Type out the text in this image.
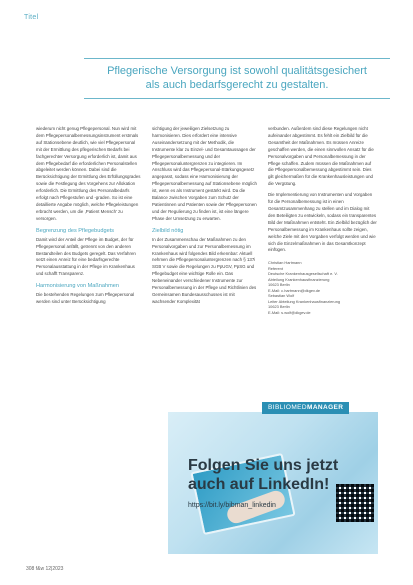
Titel
Pflegerische Versorgung ist sowohl qualitätsgesichert
als auch bedarfsgerecht zu gestalten.

wiederum nicht genug Pflegepersonal. Nun wird mit dem Pflegepersonalbemessungsinstrument erstmals auf Stationsebene deutlich, wie viel Pflegepersonal mit der Ermittlung des pflegerischen Bedarfs bei fachgerechter Versorgung erforderlich ist, damit aus dem Pflegebedarf die erforderlichen Personalstellen abgeleitet werden können. Dabei sind die Berücksichtigung der Ermittlung des Erfüllungsgrades sowie die Festlegung des Vorgehens zur Allokation erforderlich. Die Ermittlung des Personalbedarfs erfolgt nach Pflegestufen und -graden. So ist eine detaillierte Angabe möglich, welche Pflegeleistungen erbracht werden, um die ,Patient Mensch' zu versorgen.

Begrenzung des Pflegebudgets

Damit wird der Anteil der Pflege im Budget, der für Pflegepersonal anfällt, getrennt von den anderen Bestandteilen des Budgets geregelt. Das Verfahren setzt einen Anreiz für eine bedarfsgerechte Personalausstattung in der Pflege im Krankenhaus und schafft Transparenz.

Harmonisierung von Maßnahmen

Die bestehenden Regelungen zum Pflegepersonal werden sind unter Berücksichtigung

sichtigung der jeweiligen Zielsetzung zu harmonisieren. Dies erfordert eine intensive Auseinandersetzung mit der Methodik, die Instrumente klar zu Einzel- und Gesamtaussagen der Pflegepersonalbemessung und der Pflegepersonaluntergrenzen zu integrieren. Im Anschluss wird das Pflegepersonal-Stärkungsgesetz angepasst, sodass eine Harmonisierung der Pflegepersonalbemessung auf Stationsebene möglich ist, wenn es als Instrument gestärkt wird. Da die Balance zwischen Vorgaben zum Schutz der Patientinnen und Patienten sowie der Pflegepersonen und der Regulierung zu finden ist, ist eine längere Phase der Umsetzung zu erwarten.

Zielbild nötig

In der Zusammenschau der Maßnahmen zu den Personalvorgaben und zur Personalbemessung im Krankenhaus wird folgendes Bild erkennbar: Aktuell nehmen die Pflegepersonaluntergrenzen nach § 137i SGB V sowie die Regelungen zu PpUGV, PpSG und Pflegebudget eine wichtige Rolle ein. Das Nebeneinander verschiedener Instrumente zur Personalbemessung in der Pflege und Richtlinien des Gemeinsamen Bundesausschusses ist mit wachsender Komplexität

verbunden. Außerdem sind diese Regelungen nicht aufeinander abgestimmt. Es fehlt ein Zielbild für die Gesamtheit der Maßnahmen. Es müssen Anreize geschaffen werden, die einen sinnvollen Ansatz für die Personalvorgaben und Personalbemessung in der Pflege schaffen. Zudem müssen die Maßnahmen auf die Pflegepersonalbemessung abgestimmt sein. Dies gilt gleichermaßen für die Krankenhausleistungen und die Vergütung.

Die Implementierung von Instrumenten und Vorgaben für die Personalbemessung ist in einen Gesamtzusammenhang zu stellen und im Dialog mit den Beteiligten zu entwickeln, sodass ein transparentes Bild der Maßnahmen entsteht. Ein Zielbild bezüglich der Personalbemessung im Krankenhaus sollte zeigen, welche Ziele mit den Vorgaben verfolgt werden und wie sich die Einzelmaßnahmen in das Gesamtkonzept einfügen.

Christian Hartmann
Referent
Deutsche Krankenhausgesellschaft e. V.
Abteilung Krankenhausfinanzierung
10623 Berlin
E-Mail: c.hartmann@dkgev.de
Sebastian Wolf
Leiter Abteilung Krankenhausfinanzierung
10623 Berlin
E-Mail: s.wolf@dkgev.de
BIBLIOMEDMANAGER
Folgen Sie uns jetzt
auch auf LinkedIn!
https://bit.ly/bibman_linkedin
308 f&w 12|2023
